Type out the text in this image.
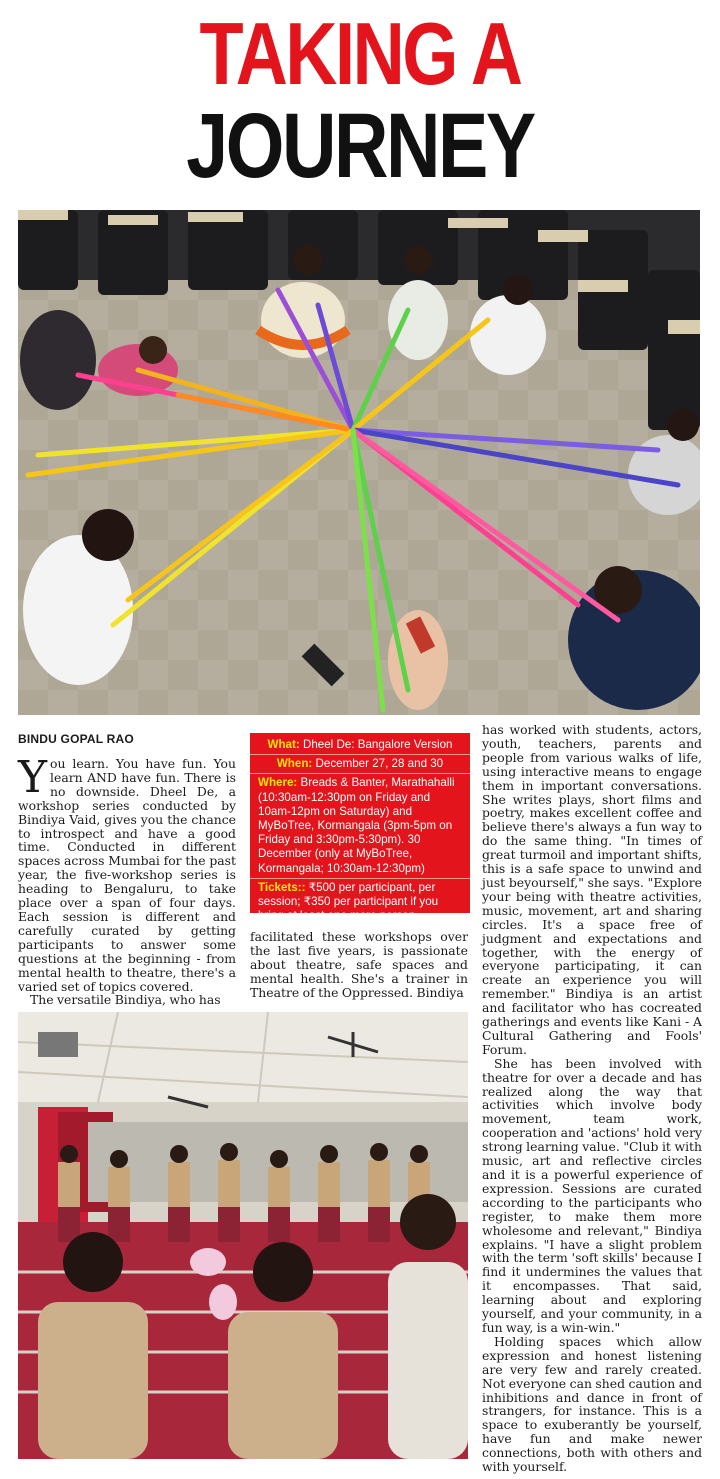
TAKING A
JOURNEY
BINDU GOPAL RAO

You learn. You have fun. You learn AND have fun. There is no downside. Dheel De, a workshop series conducted by Bindiya Vaid, gives you the chance to introspect and have a good time. Conducted in different spaces across Mumbai for the past year, the five-workshop series is heading to Bengaluru, to take place over a span of four days. Each session is different and carefully curated by getting participants to answer some questions at the beginning - from mental health to theatre, there's a varied set of topics covered.

The versatile Bindiya, who has

What: Dheel De: Bangalore Version
When: December 27, 28 and 30
Where: Breads & Banter, Marathahalli (10:30am-12:30pm on Friday and 10am-12pm on Saturday) and MyBoTree, Kormangala (3pm-5pm on Friday and 3:30pm-5:30pm). 30 December (only at MyBoTree, Kormangala; 10:30am-12:30pm)
Tickets:: ₹500 per participant, per session; ₹350 per participant if you bring at least one more person

facilitated these workshops over the last five years, is passionate about theatre, safe spaces and mental health. She's a trainer in Theatre of the Oppressed. Bindiya

has worked with students, actors, youth, teachers, parents and people from various walks of life, using interactive means to engage them in important conversations. She writes plays, short films and poetry, makes excellent coffee and believe there's always a fun way to do the same thing. "In times of great turmoil and important shifts, this is a safe space to unwind and just beyourself," she says. "Explore your being with theatre activities, music, movement, art and sharing circles. It's a space free of judgment and expectations and together, with the energy of everyone participating, it can create an experience you will remember." Bindiya is an artist and facilitator who has cocreated gatherings and events like Kani - A Cultural Gathering and Fools' Forum.

She has been involved with theatre for over a decade and has realized along the way that activities which involve body movement, team work, cooperation and 'actions' hold very strong learning value. "Club it with music, art and reflective circles and it is a powerful experience of expression. Sessions are curated according to the participants who register, to make them more wholesome and relevant," Bindiya explains. "I have a slight problem with the term 'soft skills' because I find it undermines the values that it encompasses. That said, learning about and exploring yourself, and your community, in a fun way, is a win-win."

Holding spaces which allow expression and honest listening are very few and rarely created. Not everyone can shed caution and inhibitions and dance in front of strangers, for instance. This is a space to exuberantly be yourself, have fun and make newer connections, both with others and with yourself.
